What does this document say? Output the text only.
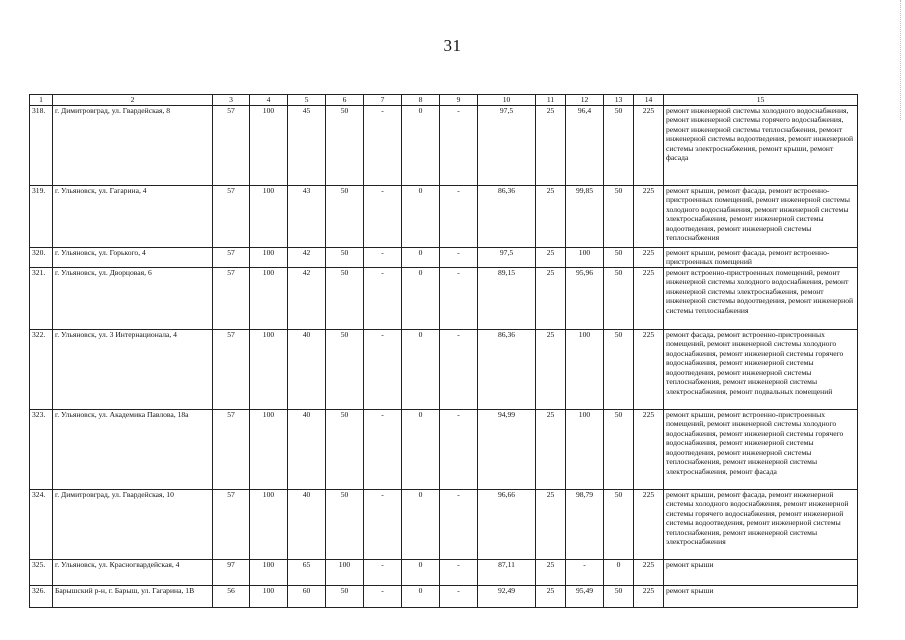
31
1	2	3	4	5	6	7	8	9	10	11	12	13	14	15
318.	г. Димитровград, ул. Гвардейская, 8	57	100	45	50	-	0	-	97,5	25	96,4	50	225	ремонт инженерной системы холодного водоснабжения, ремонт инженерной системы горячего водоснабжения, ремонт инженерной системы теплоснабжения, ремонт инженерной системы водоотведения, ремонт инженерной системы электроснабжения, ремонт крыши, ремонт фасада
319.	г. Ульяновск, ул. Гагарина, 4	57	100	43	50	-	0	-	86,36	25	99,85	50	225	ремонт крыши, ремонт фасада, ремонт встроенно-пристроенных помещений, ремонт инженерной системы холодного водоснабжения, ремонт инженерной системы электроснабжения, ремонт инженерной системы водоотведения, ремонт инженерной системы теплоснабжения
320.	г. Ульяновск, ул. Горького, 4	57	100	42	50	-	0	-	97,5	25	100	50	225	ремонт крыши, ремонт фасада, ремонт встроенно-пристроенных помещений
321.	г. Ульяновск, ул. Дворцовая, 6	57	100	42	50	-	0	-	89,15	25	95,96	50	225	ремонт встроенно-пристроенных помещений, ремонт инженерной системы холодного водоснабжения, ремонт инженерной системы электроснабжения, ремонт инженерной системы водоотведения, ремонт инженерной системы теплоснабжения
322.	г. Ульяновск, ул. 3 Интернационала, 4	57	100	40	50	-	0	-	86,36	25	100	50	225	ремонт фасада, ремонт встроенно-пристроенных помещений, ремонт инженерной системы холодного водоснабжения, ремонт инженерной системы горячего водоснабжения, ремонт инженерной системы водоотведения, ремонт инженерной системы теплоснабжения, ремонт инженерной системы электроснабжения, ремонт подвальных помещений
323.	г. Ульяновск, ул. Академика Павлова, 18а	57	100	40	50	-	0	-	94,99	25	100	50	225	ремонт крыши, ремонт встроенно-пристроенных помещений, ремонт инженерной системы холодного водоснабжения, ремонт инженерной системы горячего водоснабжения, ремонт инженерной системы водоотведения, ремонт инженерной системы теплоснабжения, ремонт инженерной системы электроснабжения, ремонт фасада
324.	г. Димитровград, ул. Гвардейская, 10	57	100	40	50	-	0	-	96,66	25	98,79	50	225	ремонт крыши, ремонт фасада, ремонт инженерной системы холодного водоснабжения, ремонт инженерной системы горячего водоснабжения, ремонт инженерной системы водоотведения, ремонт инженерной системы теплоснабжения, ремонт инженерной системы электроснабжения
325.	г. Ульяновск, ул. Красногвардейская, 4	97	100	65	100	-	0	-	87,11	25	-	0	225	ремонт крыши
326.	Барышский р-н, г. Барыш, ул. Гагарина, 1В	56	100	60	50	-	0	-	92,49	25	95,49	50	225	ремонт крыши
